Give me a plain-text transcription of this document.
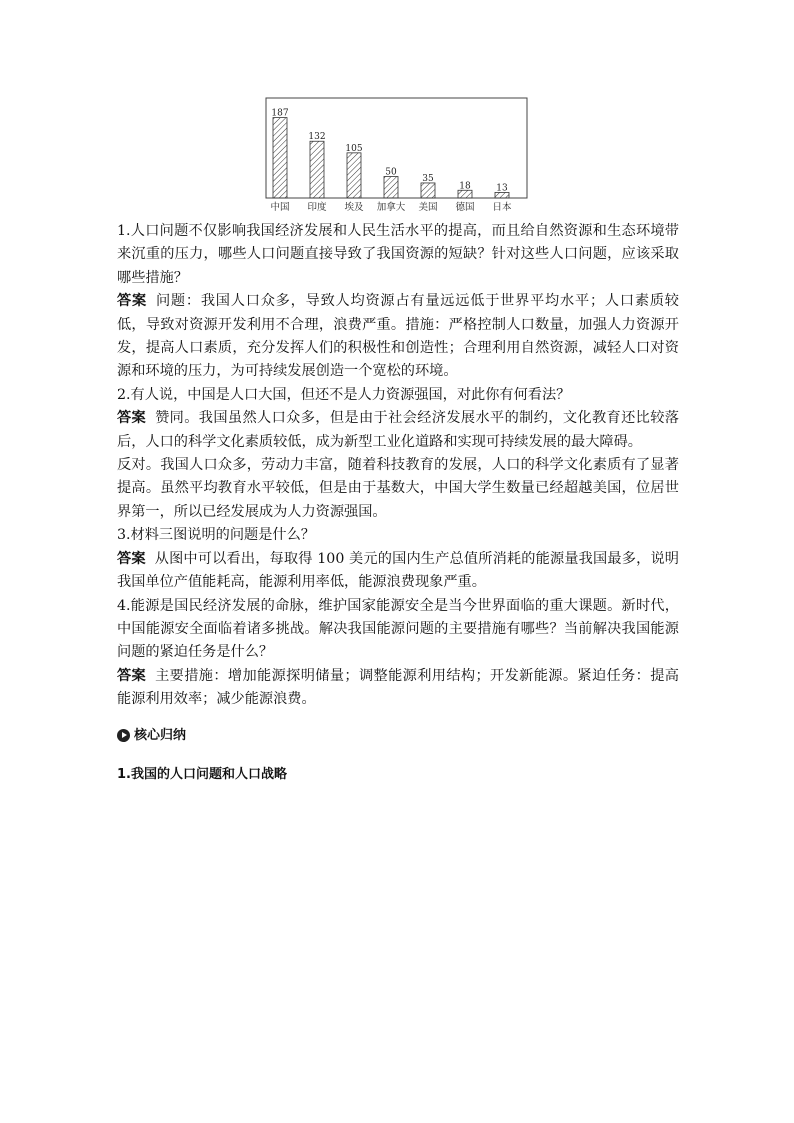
187
中国
132
印度
105
埃及
50
加拿大
35
美国
18
德国
13
日本

1.人口问题不仅影响我国经济发展和人民生活水平的提高，而且给自然资源和生态环境带来沉重的压力，哪些人口问题直接导致了我国资源的短缺？针对这些人口问题，应该采取哪些措施？

答案 问题：我国人口众多，导致人均资源占有量远远低于世界平均水平；人口素质较低，导致对资源开发利用不合理，浪费严重。措施：严格控制人口数量，加强人力资源开发，提高人口素质，充分发挥人们的积极性和创造性；合理利用自然资源，减轻人口对资源和环境的压力，为可持续发展创造一个宽松的环境。

2.有人说，中国是人口大国，但还不是人力资源强国，对此你有何看法？

答案 赞同。我国虽然人口众多，但是由于社会经济发展水平的制约，文化教育还比较落后，人口的科学文化素质较低，成为新型工业化道路和实现可持续发展的最大障碍。

反对。我国人口众多，劳动力丰富，随着科技教育的发展，人口的科学文化素质有了显著提高。虽然平均教育水平较低，但是由于基数大，中国大学生数量已经超越美国，位居世界第一，所以已经发展成为人力资源强国。

3.材料三图说明的问题是什么？

答案 从图中可以看出，每取得 100 美元的国内生产总值所消耗的能源量我国最多，说明我国单位产值能耗高，能源利用率低，能源浪费现象严重。

4.能源是国民经济发展的命脉，维护国家能源安全是当今世界面临的重大课题。新时代，中国能源安全面临着诸多挑战。解决我国能源问题的主要措施有哪些？当前解决我国能源问题的紧迫任务是什么？

答案 主要措施：增加能源探明储量；调整能源利用结构；开发新能源。紧迫任务：提高能源利用效率；减少能源浪费。

核心归纳
1.我国的人口问题和人口战略
